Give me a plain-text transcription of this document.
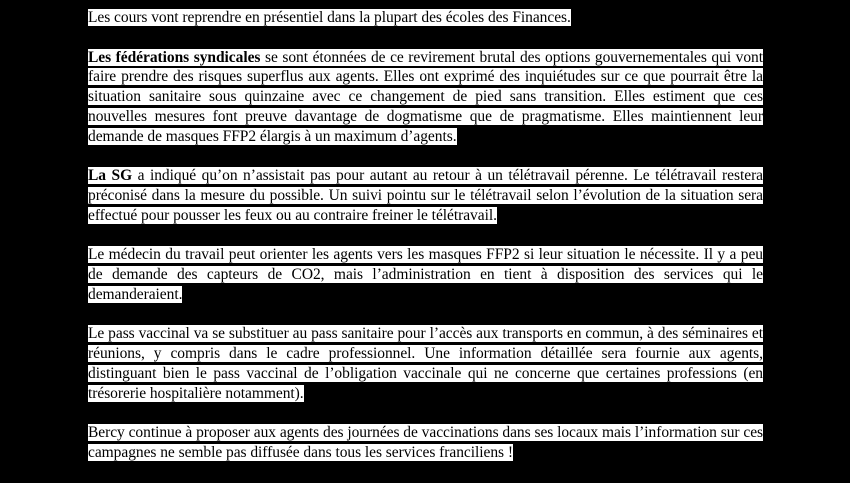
Les cours vont reprendre en présentiel dans la plupart des écoles des Finances.

Les fédérations syndicales se sont étonnées de ce revirement brutal des options gouvernementales qui vont faire prendre des risques superflus aux agents. Elles ont exprimé des inquiétudes sur ce que pourrait être la situation sanitaire sous quinzaine avec ce changement de pied sans transition. Elles estiment que ces nouvelles mesures font preuve davantage de dogmatisme que de pragmatisme. Elles maintiennent leur demande de masques FFP2 élargis à un maximum d’agents.

La SG a indiqué qu’on n’assistait pas pour autant au retour à un télétravail pérenne. Le télétravail restera préconisé dans la mesure du possible. Un suivi pointu sur le télétravail selon l’évolution de la situation sera effectué pour pousser les feux ou au contraire freiner le télétravail.

Le médecin du travail peut orienter les agents vers les masques FFP2 si leur situation le nécessite. Il y a peu de demande des capteurs de CO2, mais l’administration en tient à disposition des services qui le demanderaient.

Le pass vaccinal va se substituer au pass sanitaire pour l’accès aux transports en commun, à des séminaires et réunions, y compris dans le cadre professionnel. Une information détaillée sera fournie aux agents, distinguant bien le pass vaccinal de l’obligation vaccinale qui ne concerne que certaines professions (en trésorerie hospitalière notamment).

Bercy continue à proposer aux agents des journées de vaccinations dans ses locaux mais l’information sur ces campagnes ne semble pas diffusée dans tous les services franciliens !
